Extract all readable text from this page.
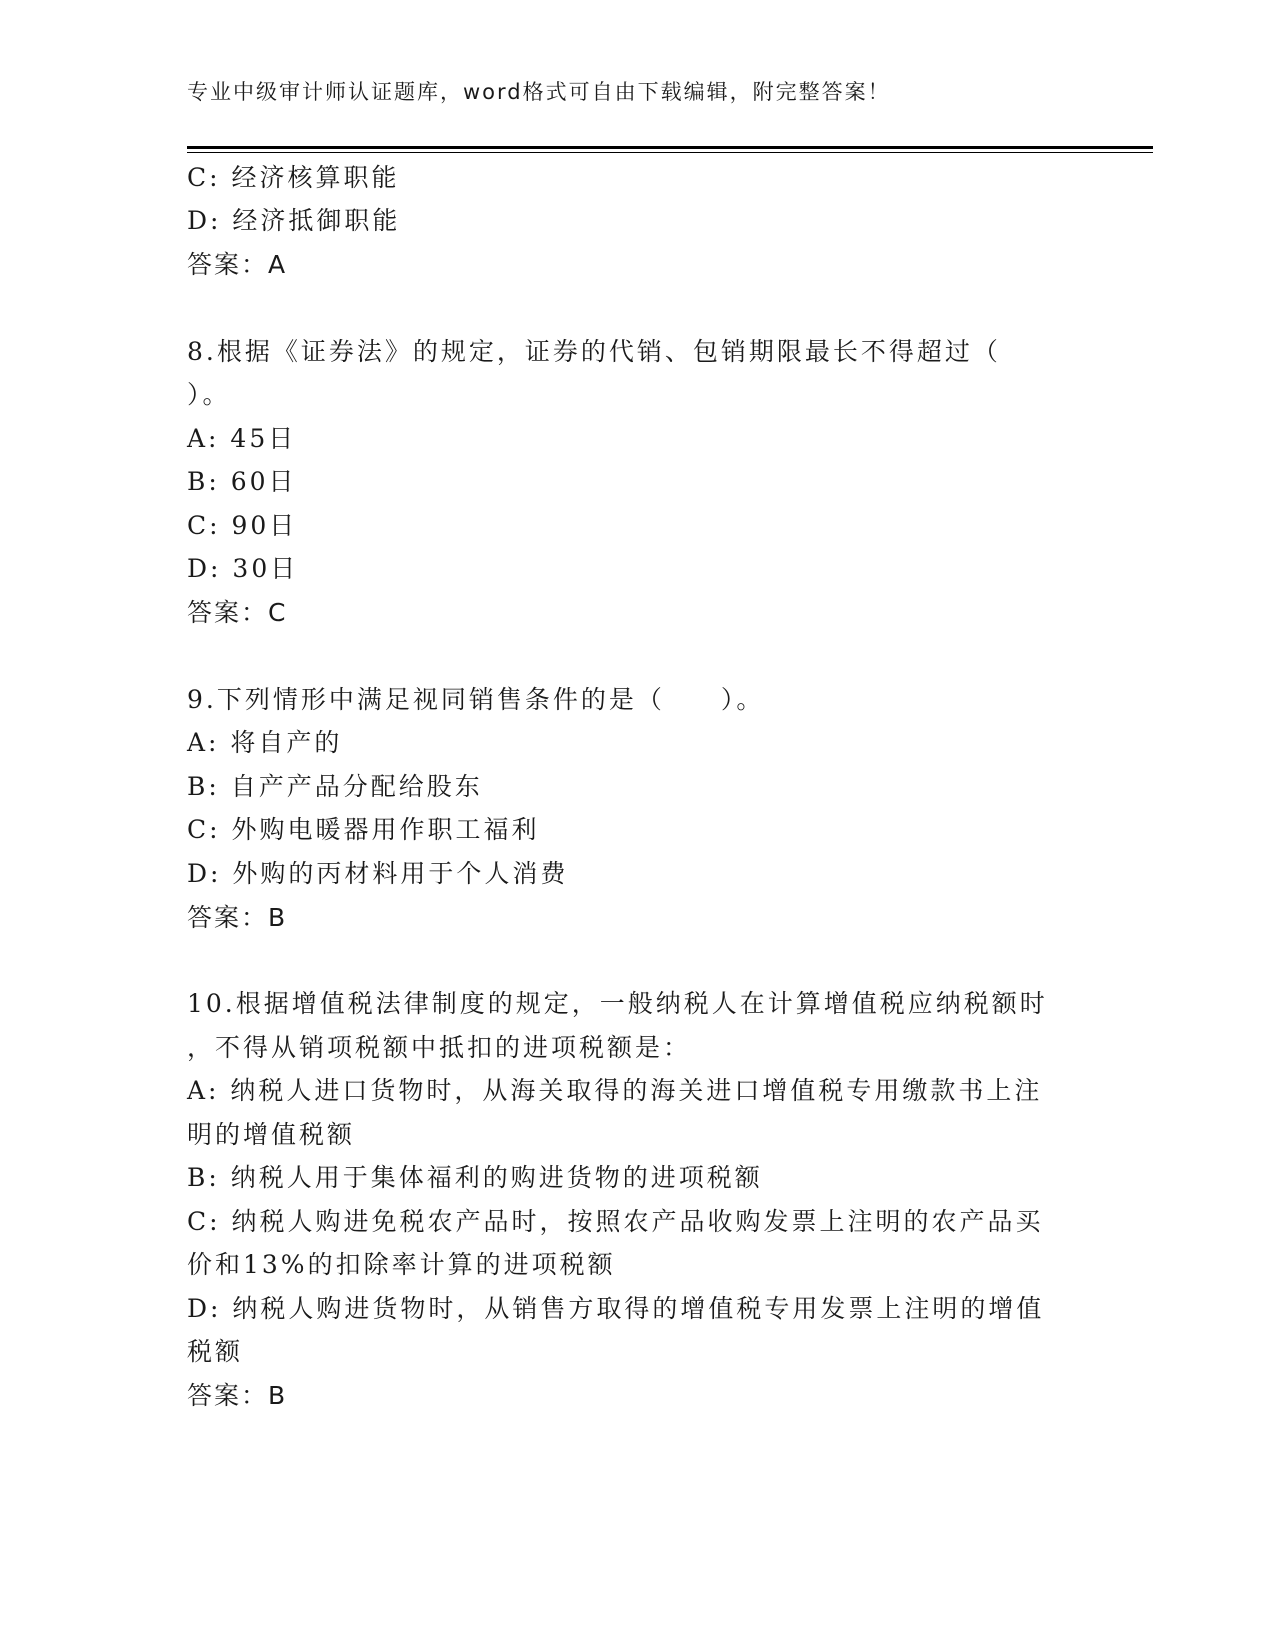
专业中级审计师认证题库，word格式可自由下载编辑，附完整答案！
C: 经济核算职能
D: 经济抵御职能
答案：A
8.根据《证券法》的规定，证券的代销、包销期限最长不得超过（
）。
A: 45日
B: 60日
C: 90日
D: 30日
答案：C
9.下列情形中满足视同销售条件的是（　　）。
A: 将自产的
B: 自产产品分配给股东
C: 外购电暖器用作职工福利
D: 外购的丙材料用于个人消费
答案：B
10.根据增值税法律制度的规定，一般纳税人在计算增值税应纳税额时
，不得从销项税额中抵扣的进项税额是：
A: 纳税人进口货物时，从海关取得的海关进口增值税专用缴款书上注
明的增值税额
B: 纳税人用于集体福利的购进货物的进项税额
C: 纳税人购进免税农产品时，按照农产品收购发票上注明的农产品买
价和13%的扣除率计算的进项税额
D: 纳税人购进货物时，从销售方取得的增值税专用发票上注明的增值
税额
答案：B
